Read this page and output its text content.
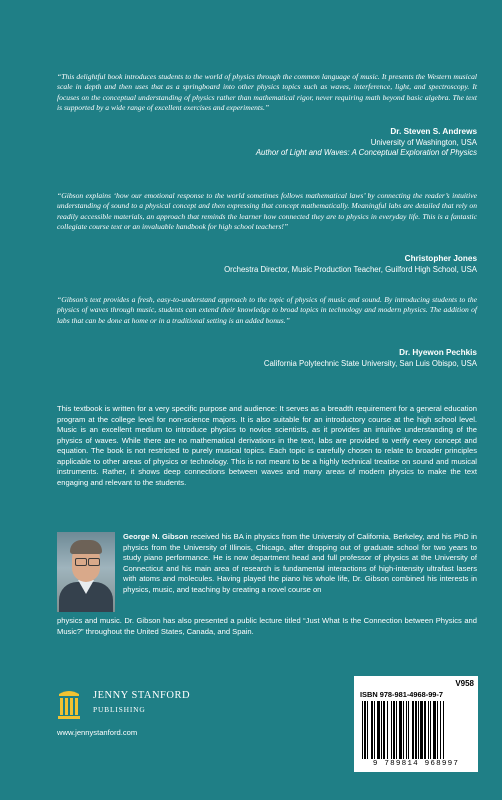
“This delightful book introduces students to the world of physics through the common language of music. It presents the Western musical scale in depth and then uses that as a springboard into other physics topics such as waves, interference, light, and spectroscopy. It focuses on the conceptual understanding of physics rather than mathematical rigor, never requiring math beyond basic algebra. The text is supported by a wide range of excellent exercises and experiments.”

Dr. Steven S. Andrews
University of Washington, USA
Author of Light and Waves: A Conceptual Exploration of Physics

“Gibson explains ‘how our emotional response to the world sometimes follows mathematical laws’ by connecting the reader’s intuitive understanding of sound to a physical concept and then expressing that concept mathematically. Meaningful labs are detailed that rely on readily accessible materials, an approach that reminds the learner how connected they are to physics in everyday life. This is a fantastic collegiate course text or an invaluable handbook for high school teachers!”

Christopher Jones
Orchestra Director, Music Production Teacher, Guilford High School, USA

“Gibson’s text provides a fresh, easy-to-understand approach to the topic of physics of music and sound. By introducing students to the physics of waves through music, students can extend their knowledge to broad topics in technology and modern physics. The addition of labs that can be done at home or in a traditional setting is an added bonus.”

Dr. Hyewon Pechkis
California Polytechnic State University, San Luis Obispo, USA

This textbook is written for a very specific purpose and audience: It serves as a breadth requirement for a general education program at the college level for non-science majors. It is also suitable for an introductory course at the high school level. Music is an excellent medium to introduce physics to novice scientists, as it provides an intuitive understanding of the physics of waves. While there are no mathematical derivations in the text, labs are provided to verify every concept and equation. The book is not restricted to purely musical topics. Each topic is carefully chosen to relate to broader principles applicable to other areas of physics or technology. This is not meant to be a highly technical treatise on sound and musical instruments. Rather, it shows deep connections between waves and many areas of modern physics to make the text engaging and relevant to the students.

George N. Gibson received his BA in physics from the University of California, Berkeley, and his PhD in physics from the University of Illinois, Chicago, after dropping out of graduate school for two years to study piano performance. He is now department head and full professor of physics at the University of Connecticut and his main area of research is fundamental interactions of high-intensity ultrafast lasers with atoms and molecules. Having played the piano his whole life, Dr. Gibson combined his interests in physics, music, and teaching by creating a novel course on

physics and music. Dr. Gibson has also presented a public lecture titled “Just What Is the Connection between Physics and Music?” throughout the United States, Canada, and Spain.

JENNY STANFORD
PUBLISHING
www.jennystanford.com
V958
ISBN 978-981-4968-99-7
9 789814 968997
